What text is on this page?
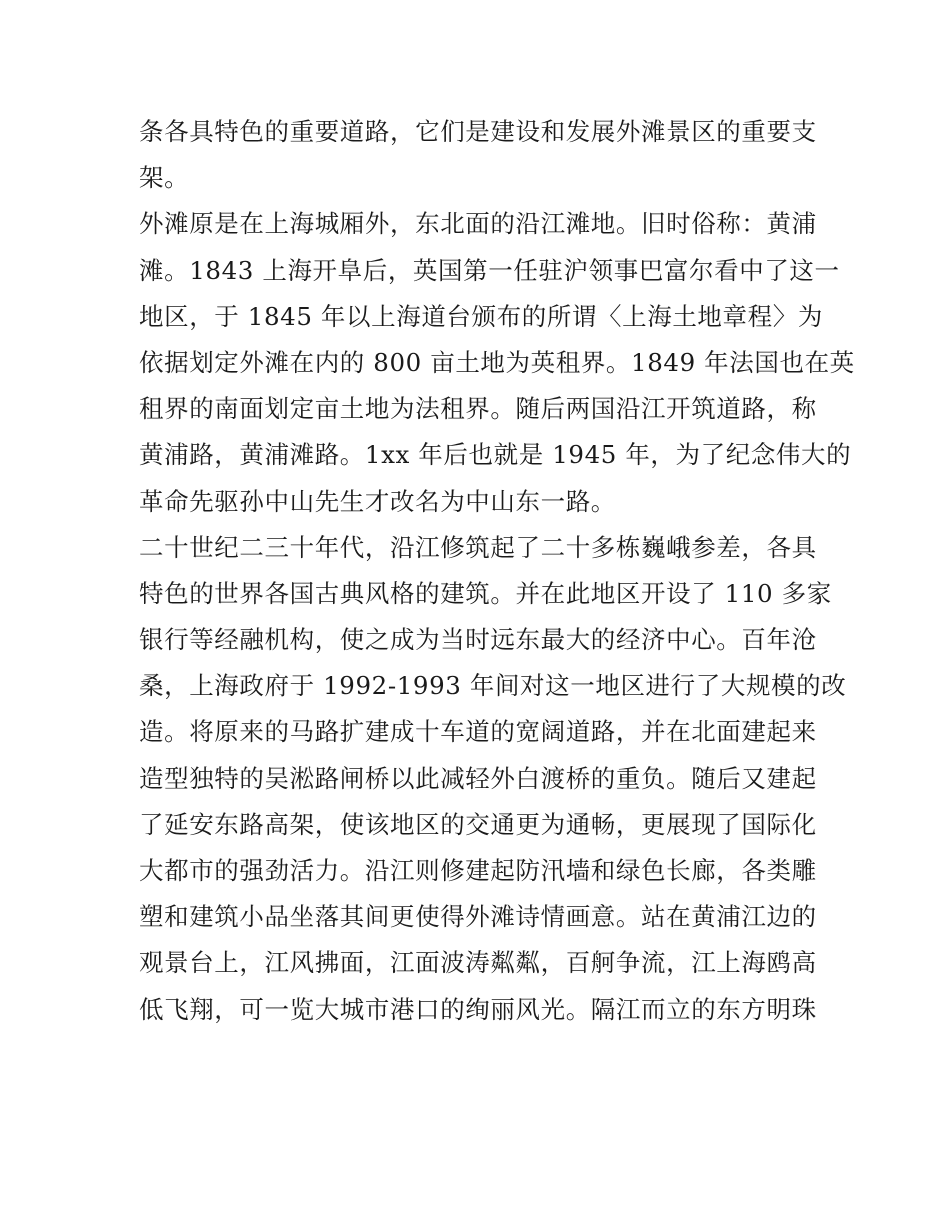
条各具特色的重要道路，它们是建设和发展外滩景区的重要支
架。
外滩原是在上海城厢外，东北面的沿江滩地。旧时俗称：黄浦
滩。1843 上海开阜后，英国第一任驻沪领事巴富尔看中了这一
地区，于 1845 年以上海道台颁布的所谓〈上海土地章程〉为
依据划定外滩在内的 800 亩土地为英租界。1849 年法国也在英
租界的南面划定亩土地为法租界。随后两国沿江开筑道路，称
黄浦路，黄浦滩路。1xx 年后也就是 1945 年，为了纪念伟大的
革命先驱孙中山先生才改名为中山东一路。
二十世纪二三十年代，沿江修筑起了二十多栋巍峨参差，各具
特色的世界各国古典风格的建筑。并在此地区开设了 110 多家
银行等经融机构，使之成为当时远东最大的经济中心。百年沧
桑，上海政府于 1992-1993 年间对这一地区进行了大规模的改
造。将原来的马路扩建成十车道的宽阔道路，并在北面建起来
造型独特的吴淞路闸桥以此减轻外白渡桥的重负。随后又建起
了延安东路高架，使该地区的交通更为通畅，更展现了国际化
大都市的强劲活力。沿江则修建起防汛墙和绿色长廊，各类雕
塑和建筑小品坐落其间更使得外滩诗情画意。站在黄浦江边的
观景台上，江风拂面，江面波涛粼粼，百舸争流，江上海鸥高
低飞翔，可一览大城市港口的绚丽风光。隔江而立的东方明珠
